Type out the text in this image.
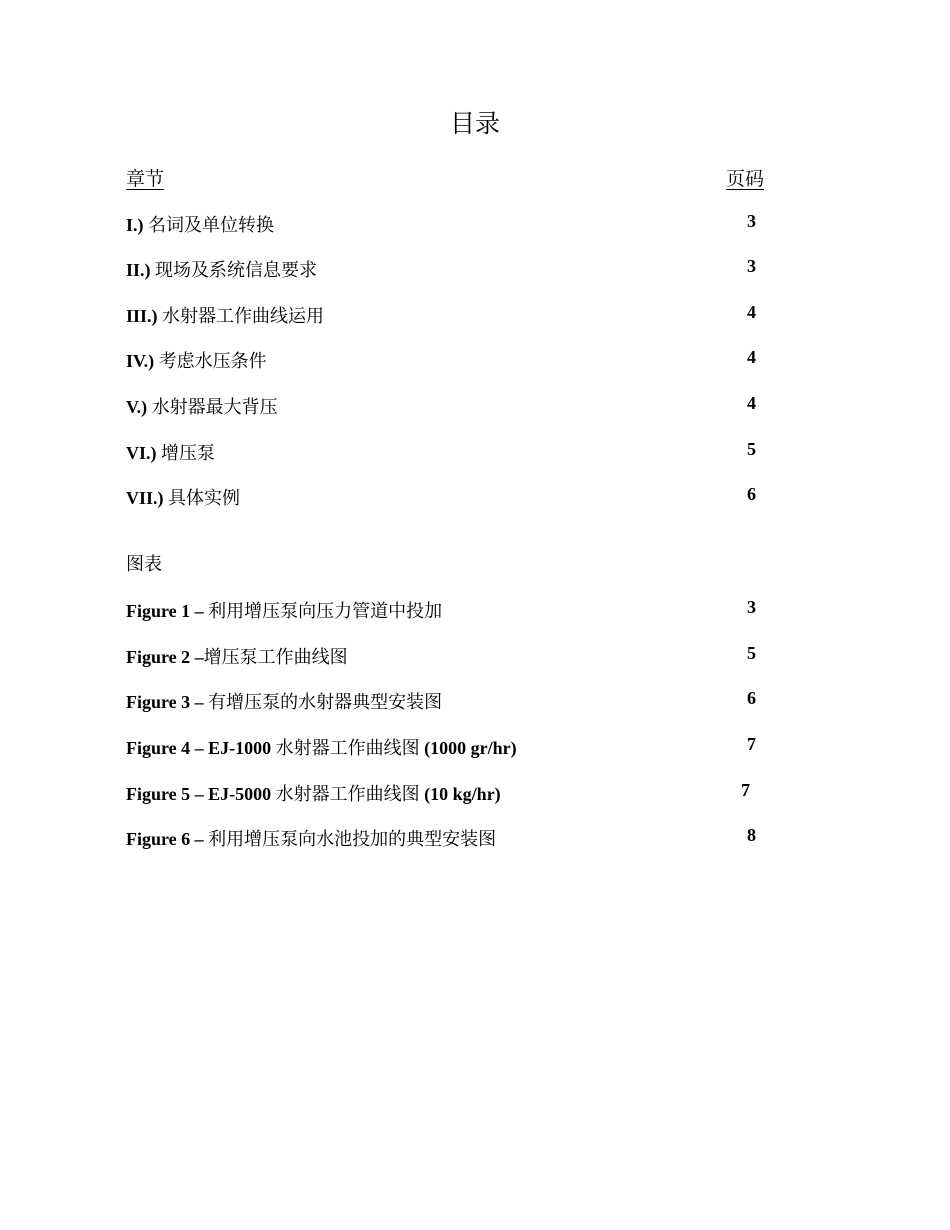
目录
章节	页码
I.) 名词及单位转换	3
II.) 现场及系统信息要求	3
III.) 水射器工作曲线运用	4
IV.) 考虑水压条件	4
V.) 水射器最大背压	4
VI.) 增压泵	5
VII.) 具体实例	6
图表
Figure 1 – 利用增压泵向压力管道中投加	3
Figure 2 –增压泵工作曲线图	5
Figure 3 – 有增压泵的水射器典型安装图	6
Figure 4 – EJ-1000 水射器工作曲线图 (1000 gr/hr)	7
Figure 5 – EJ-5000 水射器工作曲线图 (10 kg/hr)	7
Figure 6 – 利用增压泵向水池投加的典型安装图	8
